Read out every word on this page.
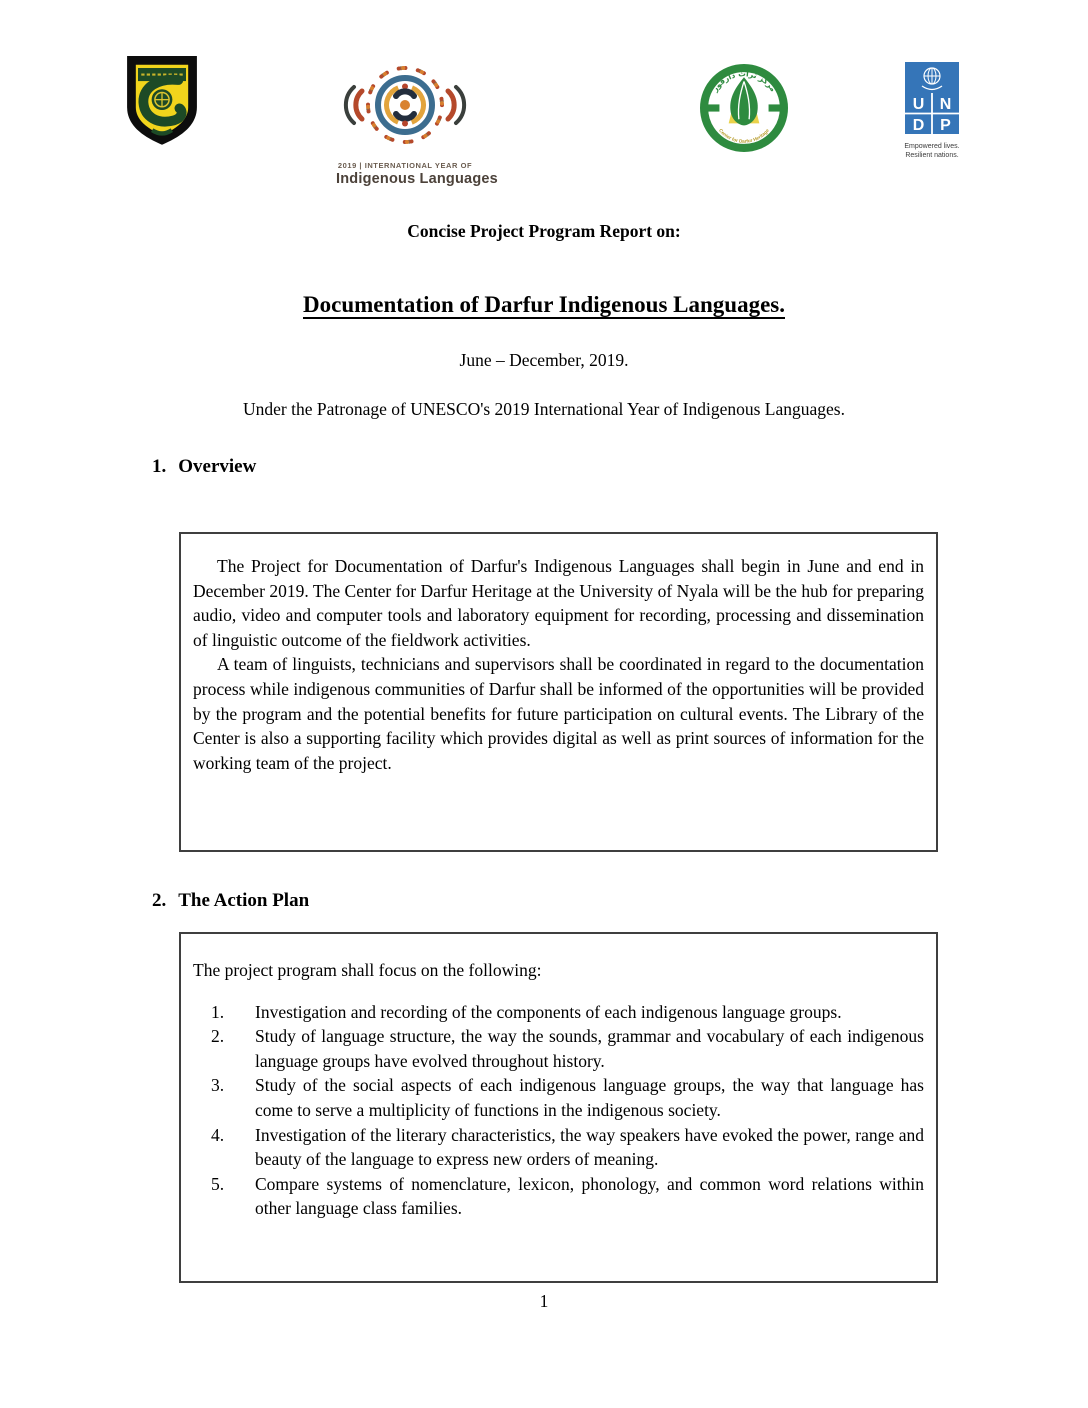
2019 | INTERNATIONAL YEAR OF
Indigenous Languages
مركز تراث دارفور
Center for Darfur Heritage
U N
D P
Empowered lives.
Resilient nations.
Concise Project Program Report on:
Documentation of Darfur Indigenous Languages.
June – December, 2019.
Under the Patronage of UNESCO's 2019 International Year of Indigenous Languages.
1. Overview

The Project for Documentation of Darfur's Indigenous Languages shall begin in June and end in December 2019. The Center for Darfur Heritage at the University of Nyala will be the hub for preparing audio, video and computer tools and laboratory equipment for recording, processing and dissemination of linguistic outcome of the fieldwork activities.

A team of linguists, technicians and supervisors shall be coordinated in regard to the documentation process while indigenous communities of Darfur shall be informed of the opportunities will be provided by the program and the potential benefits for future participation on cultural events. The Library of the Center is also a supporting facility which provides digital as well as print sources of information for the working team of the project.

2. The Action Plan

The project program shall focus on the following:

1. Investigation and recording of the components of each indigenous language groups.
2. Study of language structure, the way the sounds, grammar and vocabulary of each indigenous language groups have evolved throughout history.
3. Study of the social aspects of each indigenous language groups, the way that language has come to serve a multiplicity of functions in the indigenous society.
4. Investigation of the literary characteristics, the way speakers have evoked the power, range and beauty of the language to express new orders of meaning.
5. Compare systems of nomenclature, lexicon, phonology, and common word relations within other language class families.
1
